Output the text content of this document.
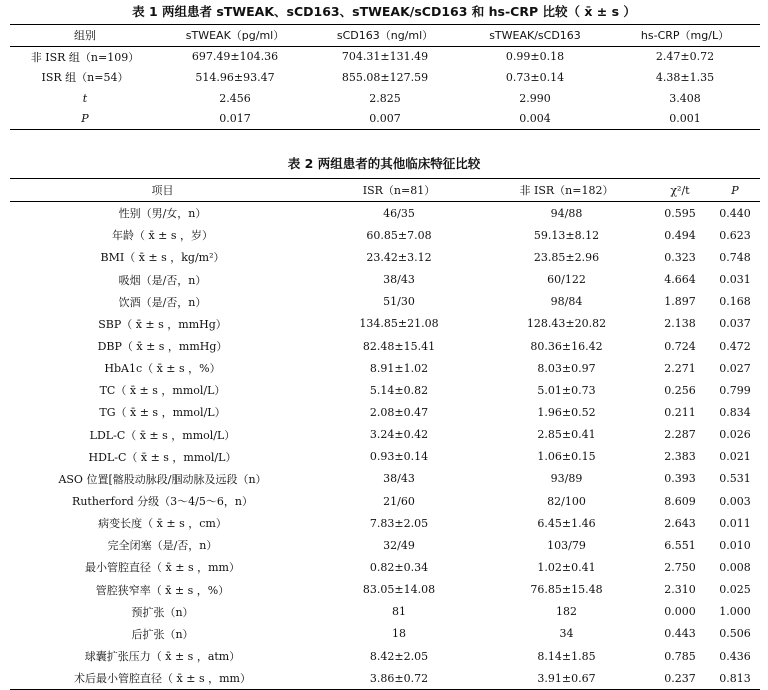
表 1 两组患者 sTWEAK、sCD163、sTWEAK/sCD163 和 hs-CRP 比较（ x̄ ± s ）
组别	sTWEAK（pg/ml）	sCD163（ng/ml）	sTWEAK/sCD163	hs-CRP（mg/L）
非 ISR 组（n=109）	697.49±104.36	704.31±131.49	0.99±0.18	2.47±0.72
ISR 组（n=54）	514.96±93.47	855.08±127.59	0.73±0.14	4.38±1.35
t	2.456	2.825	2.990	3.408
P	0.017	0.007	0.004	0.001
表 2 两组患者的其他临床特征比较
项目	ISR（n=81）	非 ISR（n=182）	χ²/t	P
性别（男/女，n）	46/35	94/88	0.595	0.440
年龄（ x̄ ± s ，岁）	60.85±7.08	59.13±8.12	0.494	0.623
BMI（ x̄ ± s ，kg/m²）	23.42±3.12	23.85±2.96	0.323	0.748
吸烟（是/否，n）	38/43	60/122	4.664	0.031
饮酒（是/否，n）	51/30	98/84	1.897	0.168
SBP（ x̄ ± s ，mmHg）	134.85±21.08	128.43±20.82	2.138	0.037
DBP（ x̄ ± s ，mmHg）	82.48±15.41	80.36±16.42	0.724	0.472
HbA1c（ x̄ ± s ，%）	8.91±1.02	8.03±0.97	2.271	0.027
TC（ x̄ ± s ，mmol/L）	5.14±0.82	5.01±0.73	0.256	0.799
TG（ x̄ ± s ，mmol/L）	2.08±0.47	1.96±0.52	0.211	0.834
LDL-C（ x̄ ± s ，mmol/L）	3.24±0.42	2.85±0.41	2.287	0.026
HDL-C（ x̄ ± s ，mmol/L）	0.93±0.14	1.06±0.15	2.383	0.021
ASO 位置[髂股动脉段/腘动脉及远段（n）	38/43	93/89	0.393	0.531
Rutherford 分级（3～4/5～6，n）	21/60	82/100	8.609	0.003
病变长度（ x̄ ± s ，cm）	7.83±2.05	6.45±1.46	2.643	0.011
完全闭塞（是/否，n）	32/49	103/79	6.551	0.010
最小管腔直径（ x̄ ± s ，mm）	0.82±0.34	1.02±0.41	2.750	0.008
管腔狭窄率（ x̄ ± s ，%）	83.05±14.08	76.85±15.48	2.310	0.025
预扩张（n）	81	182	0.000	1.000
后扩张（n）	18	34	0.443	0.506
球囊扩张压力（ x̄ ± s ，atm）	8.42±2.05	8.14±1.85	0.785	0.436
术后最小管腔直径（ x̄ ± s ，mm）	3.86±0.72	3.91±0.67	0.237	0.813
